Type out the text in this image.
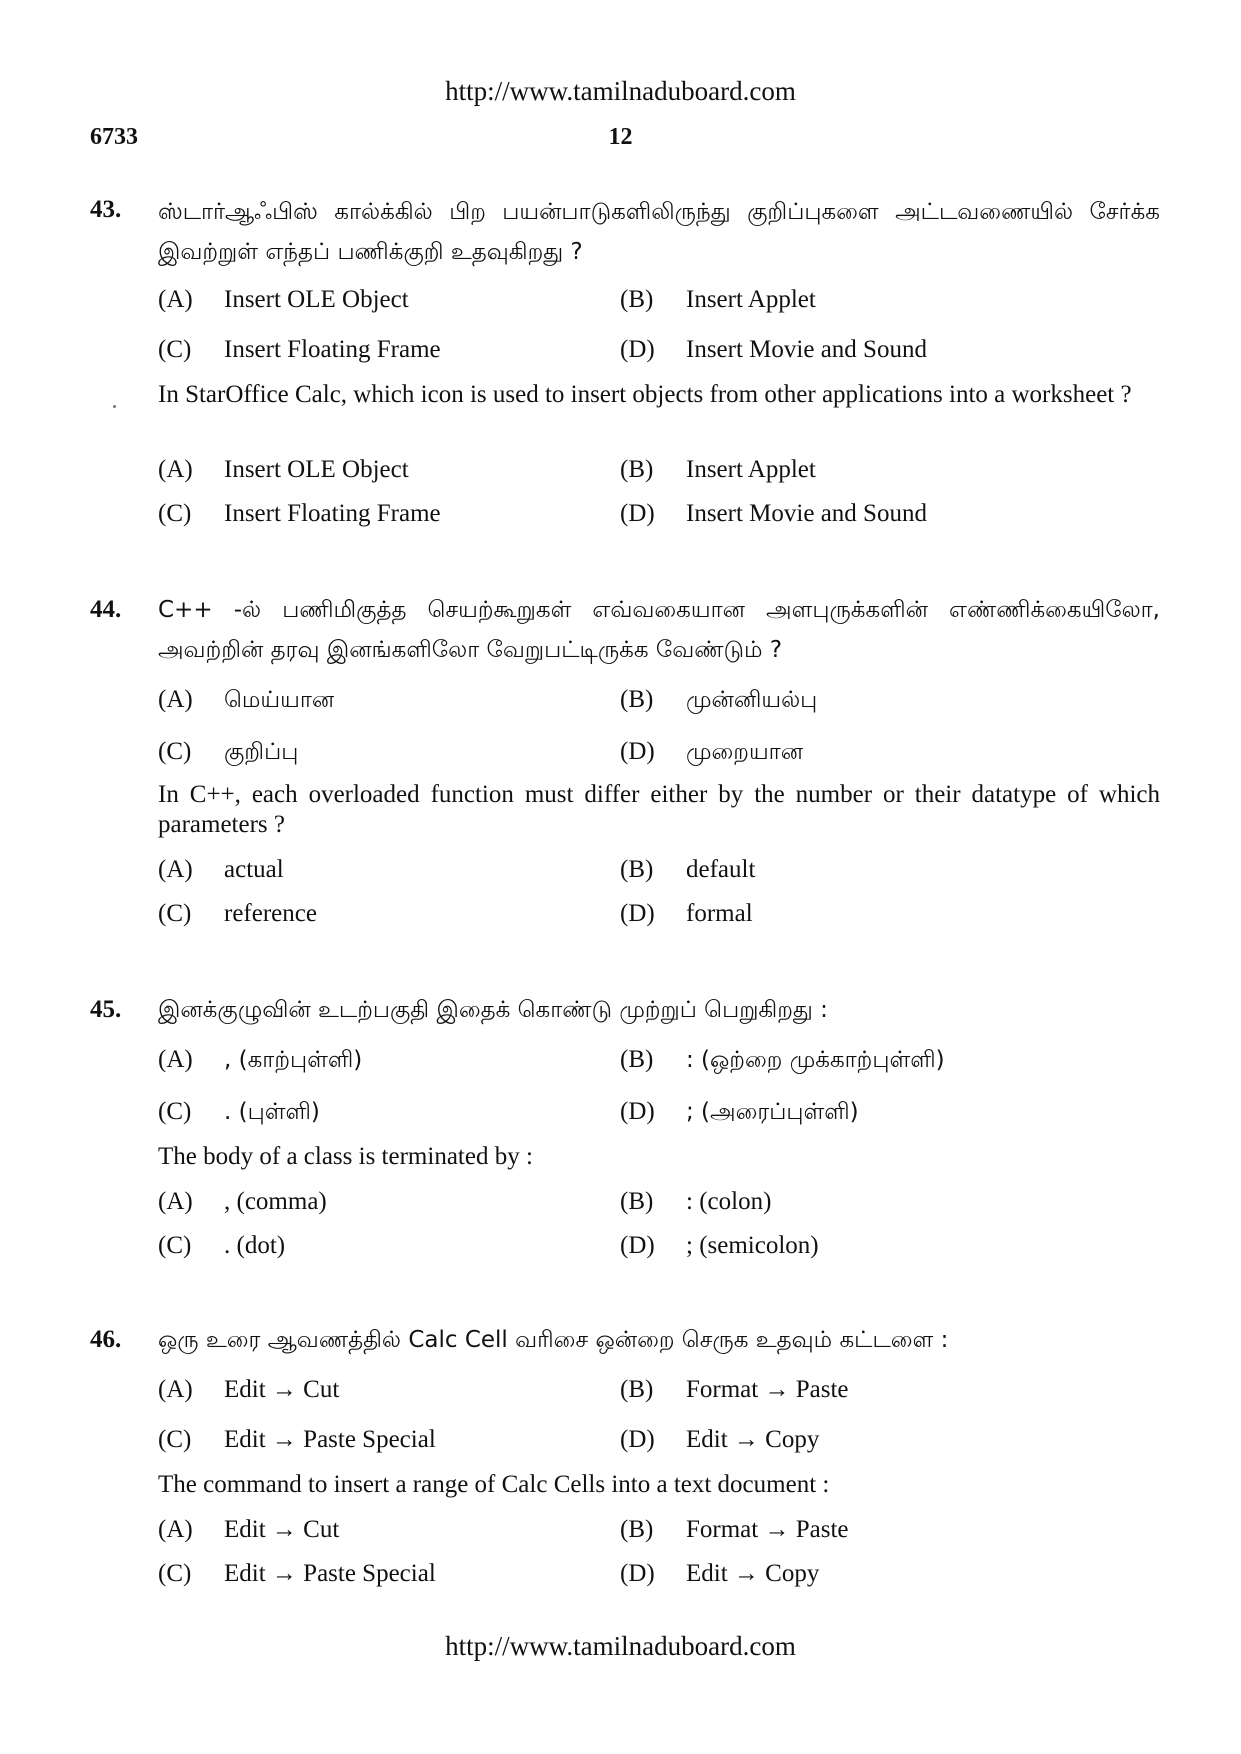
http://www.tamilnaduboard.com
6733	12
43. ஸ்டார்ஆஃபிஸ் கால்க்கில் பிற பயன்பாடுகளிலிருந்து குறிப்புகளை அட்டவணையில் சேர்க்க இவற்றுள் எந்தப் பணிக்குறி உதவுகிறது ?
(A) Insert OLE Object	(B) Insert Applet
(C) Insert Floating Frame	(D) Insert Movie and Sound
In StarOffice Calc, which icon is used to insert objects from other applications into a worksheet ?
(A) Insert OLE Object	(B) Insert Applet
(C) Insert Floating Frame	(D) Insert Movie and Sound
44. C++ -ல் பணிமிகுத்த செயற்கூறுகள் எவ்வகையான அளபுருக்களின் எண்ணிக்கையிலோ, அவற்றின் தரவு இனங்களிலோ வேறுபட்டிருக்க வேண்டும் ?
(A) மெய்யான	(B) முன்னியல்பு
(C) குறிப்பு	(D) முறையான
In C++, each overloaded function must differ either by the number or their datatype of which parameters ?
(A) actual	(B) default
(C) reference	(D) formal
45. இனக்குழுவின் உடற்பகுதி இதைக் கொண்டு முற்றுப் பெறுகிறது :
(A) , (காற்புள்ளி)	(B) : (ஒற்றை முக்காற்புள்ளி)
(C) . (புள்ளி)	(D) ; (அரைப்புள்ளி)
The body of a class is terminated by :
(A) , (comma)	(B) : (colon)
(C) . (dot)	(D) ; (semicolon)
46. ஒரு உரை ஆவணத்தில் Calc Cell வரிசை ஒன்றை செருக உதவும் கட்டளை :
(A) Edit → Cut	(B) Format → Paste
(C) Edit → Paste Special	(D) Edit → Copy
The command to insert a range of Calc Cells into a text document :
(A) Edit → Cut	(B) Format → Paste
(C) Edit → Paste Special	(D) Edit → Copy
http://www.tamilnaduboard.com
